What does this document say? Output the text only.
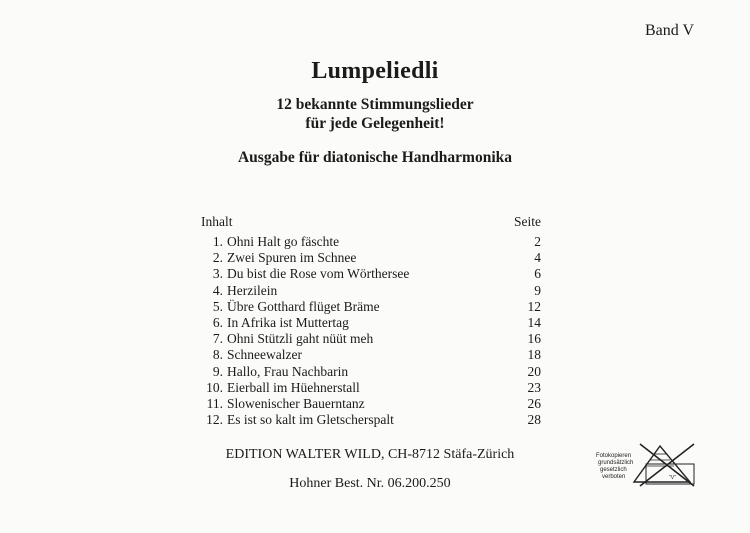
Band V
Lumpeliedli
12 bekannte Stimmungslieder
für jede Gelegenheit!
Ausgabe für diatonische Handharmonika
Inhalt	Seite
1. Ohni Halt go fäschte	2
2. Zwei Spuren im Schnee	4
3. Du bist die Rose vom Wörthersee	6
4. Herzilein	9
5. Übre Gotthard flüget Bräme	12
6. In Afrika ist Muttertag	14
7. Ohni Stützli gaht nüüt meh	16
8. Schneewalzer	18
9. Hallo, Frau Nachbarin	20
10. Eierball im Hüehnerstall	23
11. Slowenischer Bauerntanz	26
12. Es ist so kalt im Gletscherspalt	28
EDITION WALTER WILD, CH-8712 Stäfa-Zürich
Hohner Best. Nr. 06.200.250
Fotokopieren
grundsätzlich
gesetzlich
verboten	"V"
